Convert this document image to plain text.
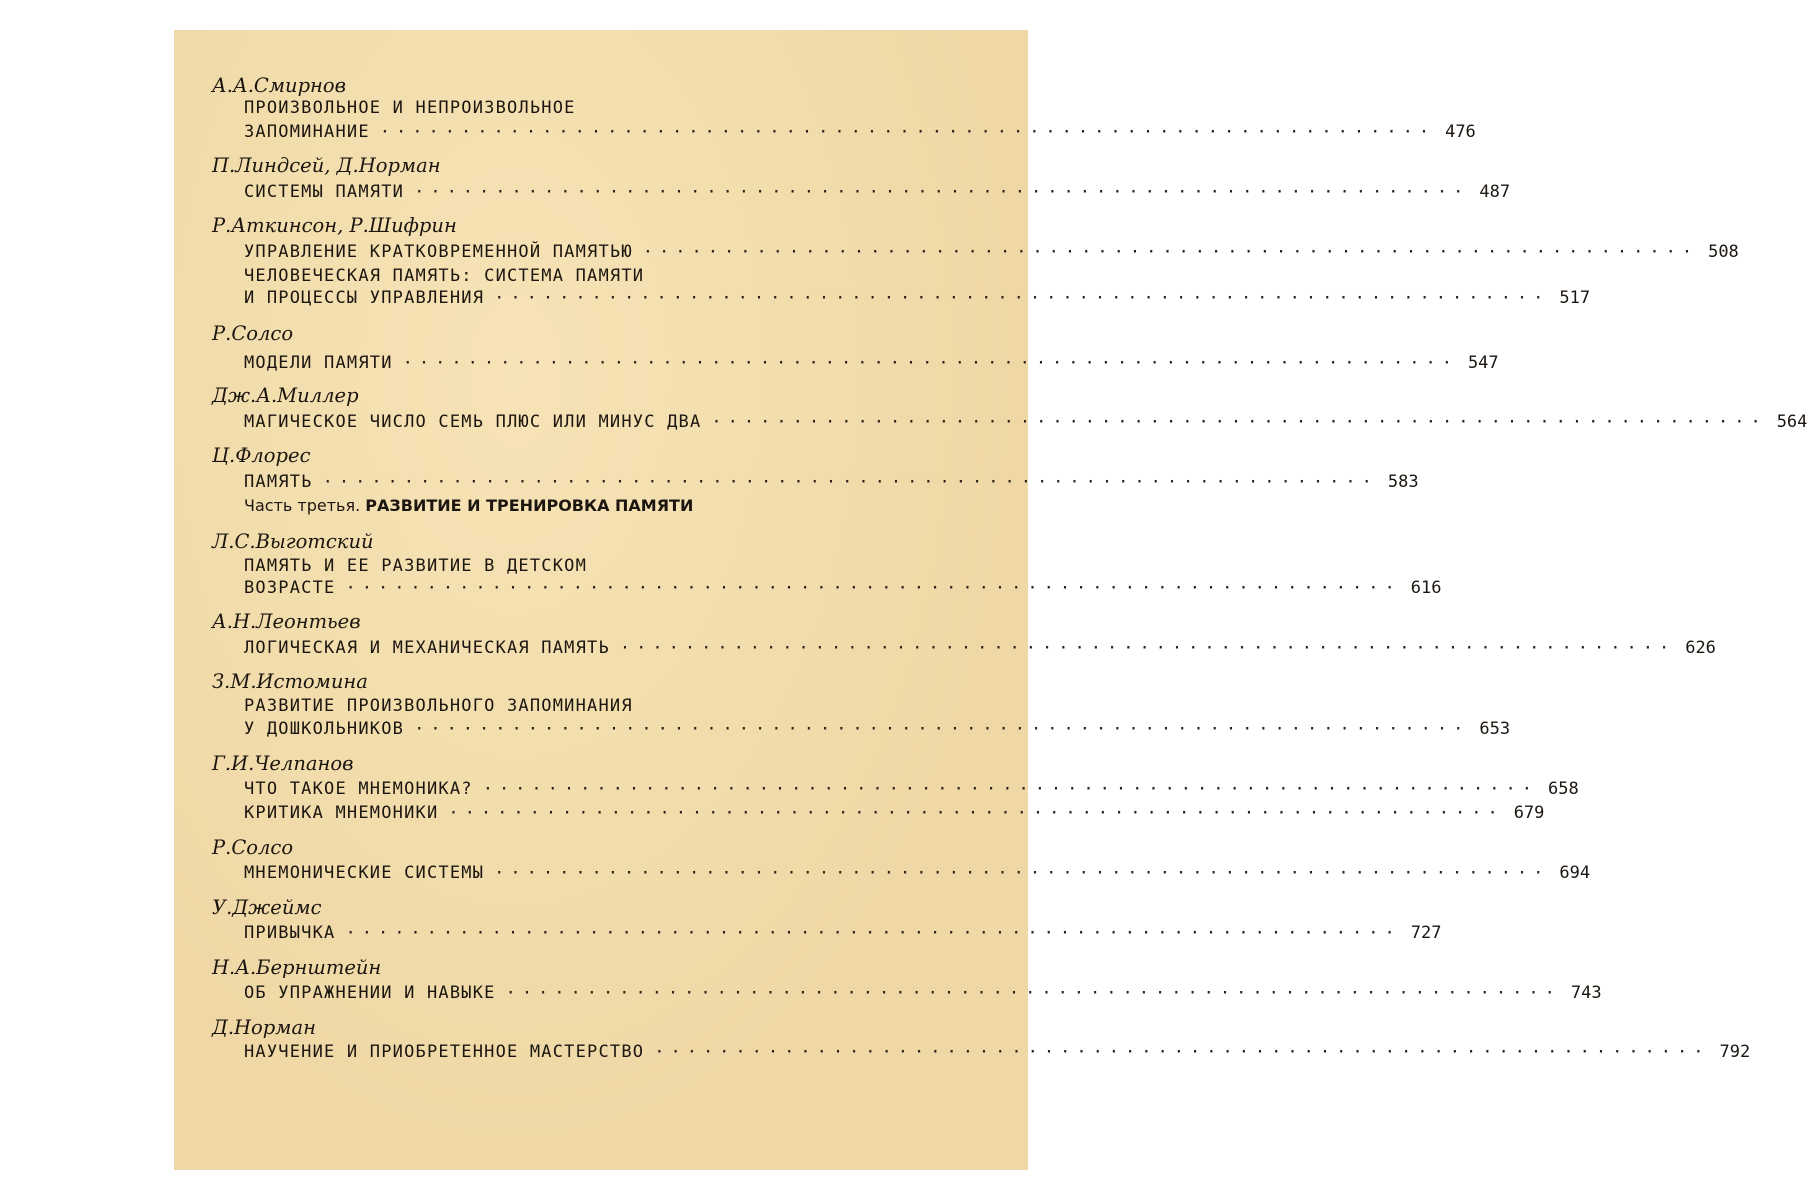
А.А.Смирнов
ПРОИЗВОЛЬНОЕ И НЕПРОИЗВОЛЬНОЕ
ЗАПОМИНАНИЕ ································································· 476
П.Линдсей, Д.Норман
СИСТЕМЫ ПАМЯТИ ································································· 487
Р.Аткинсон, Р.Шифрин
УПРАВЛЕНИЕ КРАТКОВРЕМЕННОЙ ПАМЯТЬЮ ································································· 508
ЧЕЛОВЕЧЕСКАЯ ПАМЯТЬ: СИСТЕМА ПАМЯТИ
И ПРОЦЕССЫ УПРАВЛЕНИЯ ································································· 517
Р.Солсо
МОДЕЛИ ПАМЯТИ ································································· 547
Дж.А.Миллер
МАГИЧЕСКОЕ ЧИСЛО СЕМЬ ПЛЮС ИЛИ МИНУС ДВА ································································· 564
Ц.Флорес
ПАМЯТЬ ································································· 583
Часть третья. РАЗВИТИЕ И ТРЕНИРОВКА ПАМЯТИ
Л.С.Выготский
ПАМЯТЬ И ЕЕ РАЗВИТИЕ В ДЕТСКОМ
ВОЗРАСТЕ ································································· 616
А.Н.Леонтьев
ЛОГИЧЕСКАЯ И МЕХАНИЧЕСКАЯ ПАМЯТЬ ································································· 626
З.М.Истомина
РАЗВИТИЕ ПРОИЗВОЛЬНОГО ЗАПОМИНАНИЯ
У ДОШКОЛЬНИКОВ ································································· 653
Г.И.Челпанов
ЧТО ТАКОЕ МНЕМОНИКА? ································································· 658
КРИТИКА МНЕМОНИКИ ································································· 679
Р.Солсо
МНЕМОНИЧЕСКИЕ СИСТЕМЫ ································································· 694
У.Джеймс
ПРИВЫЧКА ································································· 727
Н.А.Бернштейн
ОБ УПРАЖНЕНИИ И НАВЫКЕ ································································· 743
Д.Норман
НАУЧЕНИЕ И ПРИОБРЕТЕННОЕ МАСТЕРСТВО ································································· 792
